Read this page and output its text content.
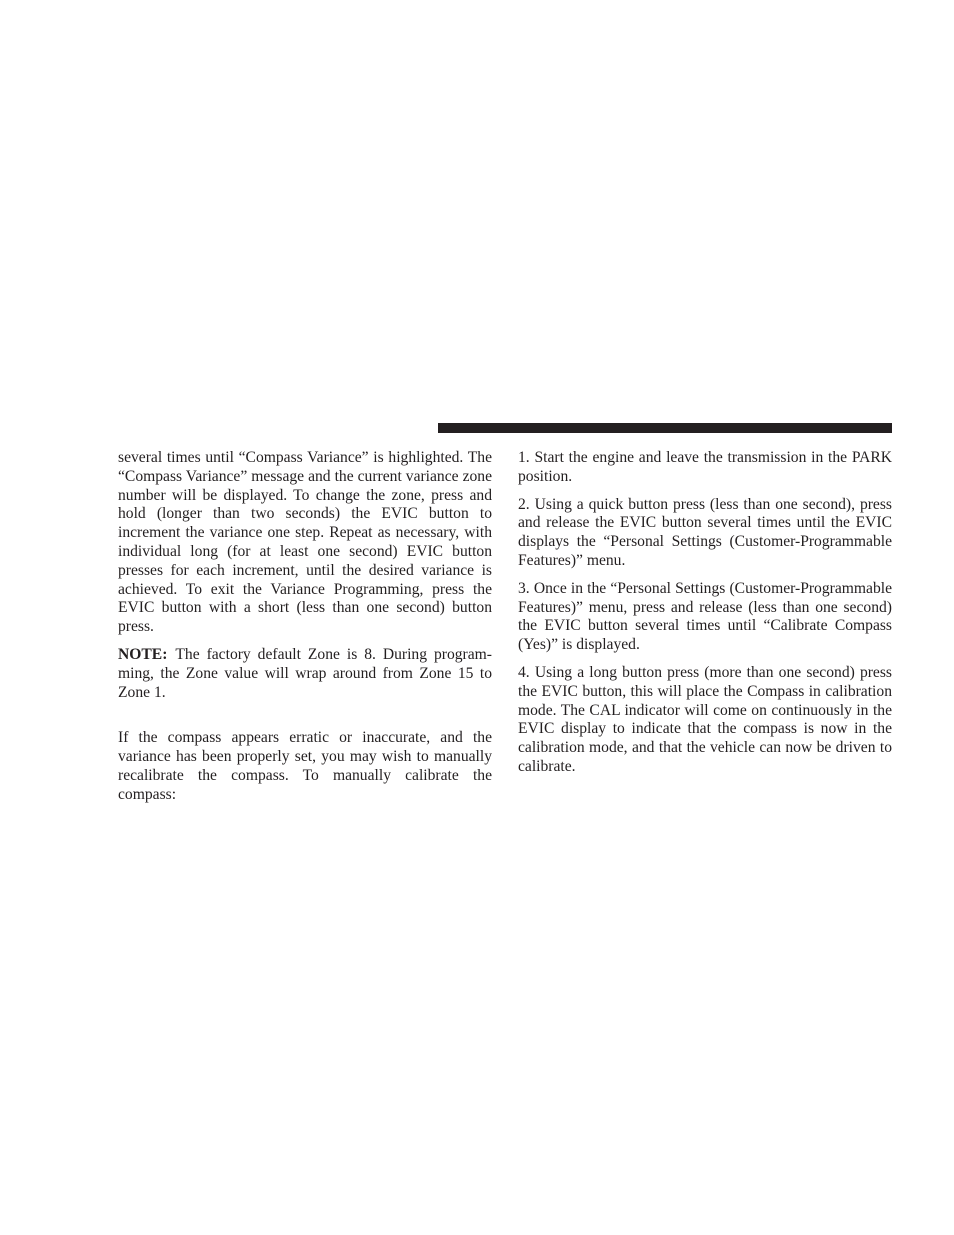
several times until “Compass Variance” is highlighted. The “Compass Variance” message and the current variance zone number will be displayed. To change the zone, press and hold (longer than two seconds) the EVIC button to increment the variance one step. Repeat as necessary, with individual long (for at least one second) EVIC button presses for each increment, until the desired variance is achieved. To exit the Variance Programming, press the EVIC button with a short (less than one second) button press.

NOTE: The factory default Zone is 8. During programming, the Zone value will wrap around from Zone 15 to Zone 1.

If the compass appears erratic or inaccurate, and the variance has been properly set, you may wish to manually recalibrate the compass. To manually calibrate the compass:

1. Start the engine and leave the transmission in the PARK position.

2. Using a quick button press (less than one second), press and release the EVIC button several times until the EVIC displays the “Personal Settings (Customer-Programmable Features)” menu.

3. Once in the “Personal Settings (Customer-Programmable Features)” menu, press and release (less than one second) the EVIC button several times until “Calibrate Compass (Yes)” is displayed.

4. Using a long button press (more than one second) press the EVIC button, this will place the Compass in calibration mode. The CAL indicator will come on continuously in the EVIC display to indicate that the compass is now in the calibration mode, and that the vehicle can now be driven to calibrate.
